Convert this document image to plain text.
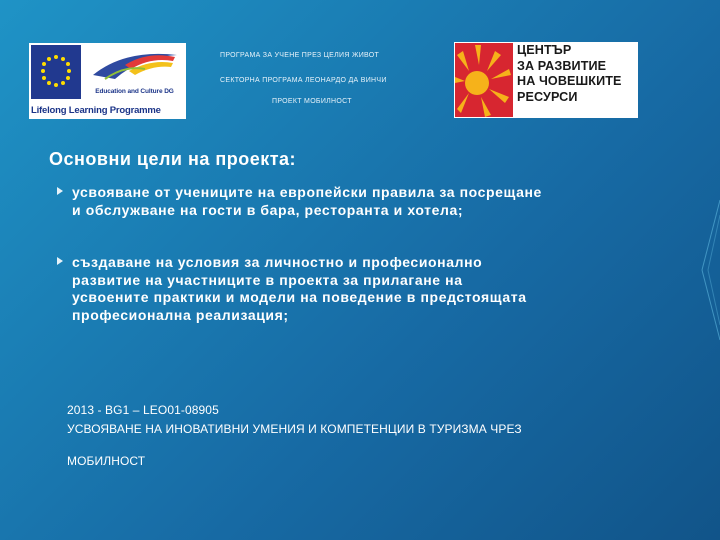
Education and Culture DG
Lifelong Learning Programme
ПРОГРАМА ЗА УЧЕНЕ ПРЕЗ ЦЕЛИЯ ЖИВОТ
СЕКТОРНА ПРОГРАМА ЛЕОНАРДО ДА ВИНЧИ
ПРОЕКТ МОБИЛНОСТ
ЦЕНТЪР
ЗА РАЗВИТИЕ
НА ЧОВЕШКИТЕ
РЕСУРСИ
Основни цели на проекта:
усвояване от учениците на европейски правила за посрещане и обслужване на гости в бара, ресторанта и хотела;
създаване на условия за личностно и професионално развитие на участниците в проекта за прилагане на усвоените практики и модели на поведение в предстоящата професионална реализация;
2013 - BG1 – LEO01-08905
УСВОЯВАНЕ НА ИНОВАТИВНИ УМЕНИЯ И КОМПЕТЕНЦИИ В ТУРИЗМА ЧРЕЗ
МОБИЛНОСТ
